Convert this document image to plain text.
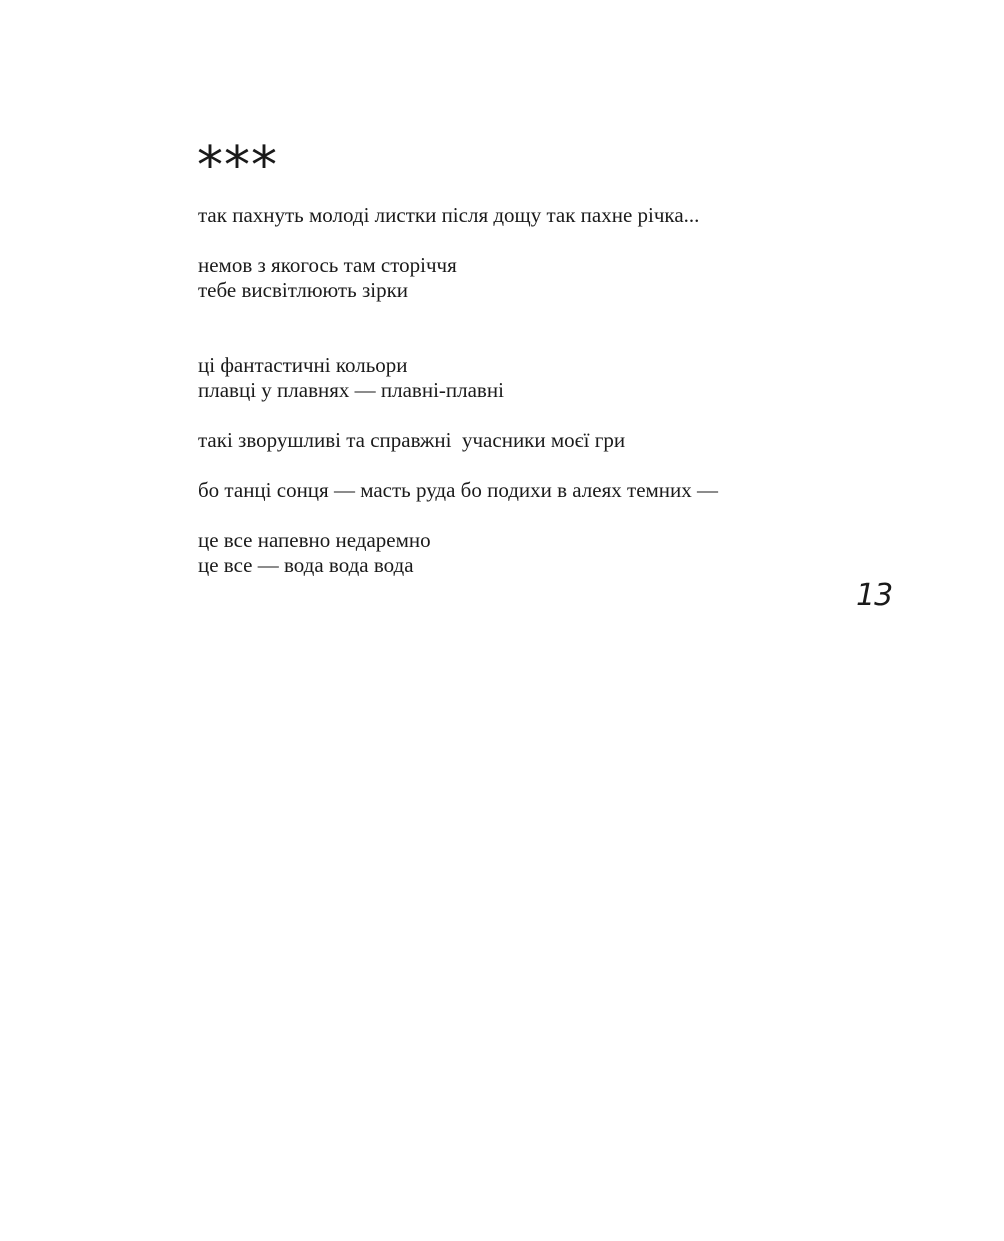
***
так пахнуть молоді листки після дощу так пахне річка...
немов з якогось там сторіччя
тебе висвітлюють зірки
ці фантастичні кольори
плавці у плавнях — плавні-плавні
такі зворушливі та справжні  учасники моєї гри
бо танці сонця — масть руда бо подихи в алеях темних —
це все напевно недаремно
це все — вода вода вода
13
